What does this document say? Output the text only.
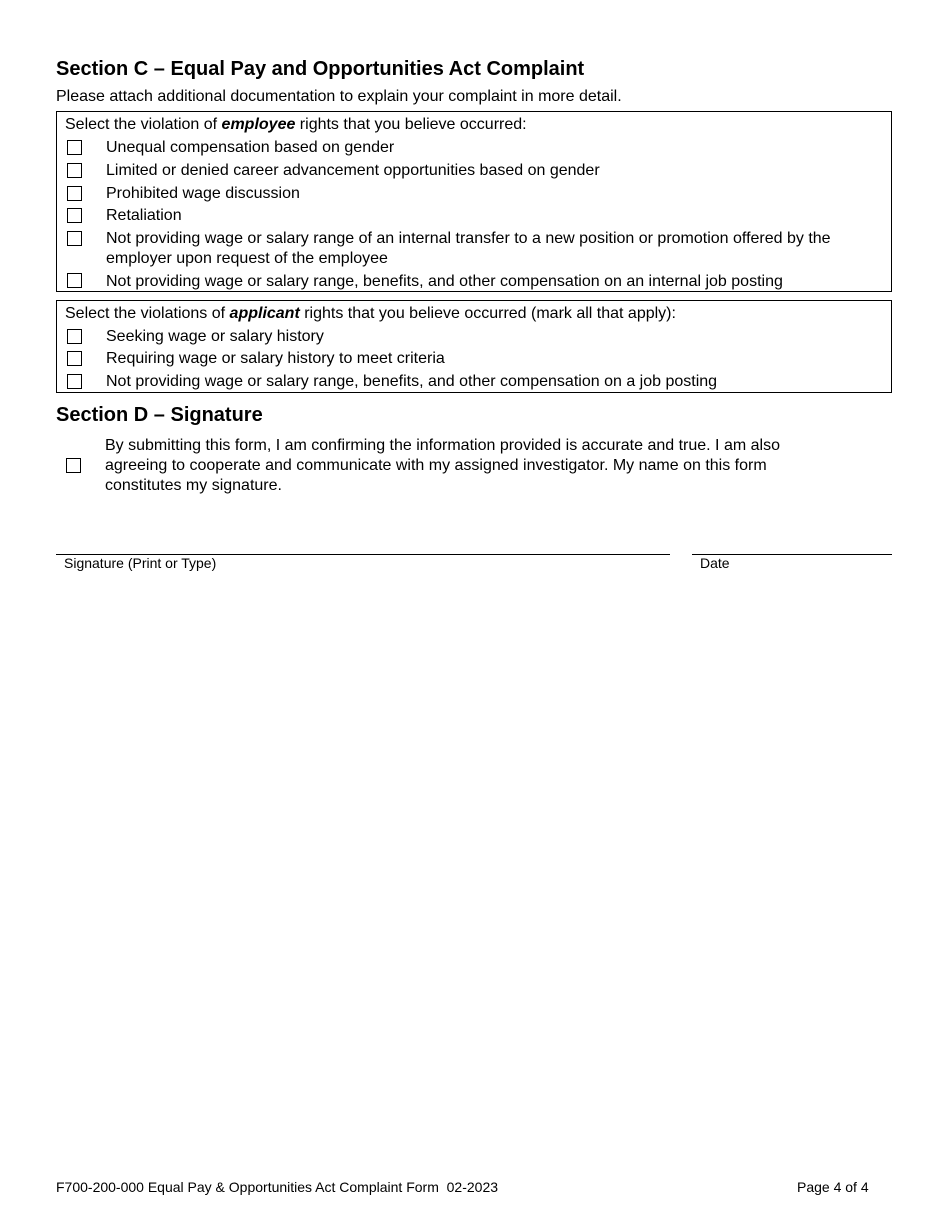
Section C – Equal Pay and Opportunities Act Complaint
Please attach additional documentation to explain your complaint in more detail.
Select the violation of employee rights that you believe occurred:
Unequal compensation based on gender
Limited or denied career advancement opportunities based on gender
Prohibited wage discussion
Retaliation
Not providing wage or salary range of an internal transfer to a new position or promotion offered by the employer upon request of the employee
Not providing wage or salary range, benefits, and other compensation on an internal job posting
Select the violations of applicant rights that you believe occurred (mark all that apply):
Seeking wage or salary history
Requiring wage or salary history to meet criteria
Not providing wage or salary range, benefits, and other compensation on a job posting
Section D – Signature
By submitting this form, I am confirming the information provided is accurate and true. I am also agreeing to cooperate and communicate with my assigned investigator. My name on this form constitutes my signature.
Signature (Print or Type)	Date
F700-200-000 Equal Pay & Opportunities Act Complaint Form  02-2023	Page 4 of 4
